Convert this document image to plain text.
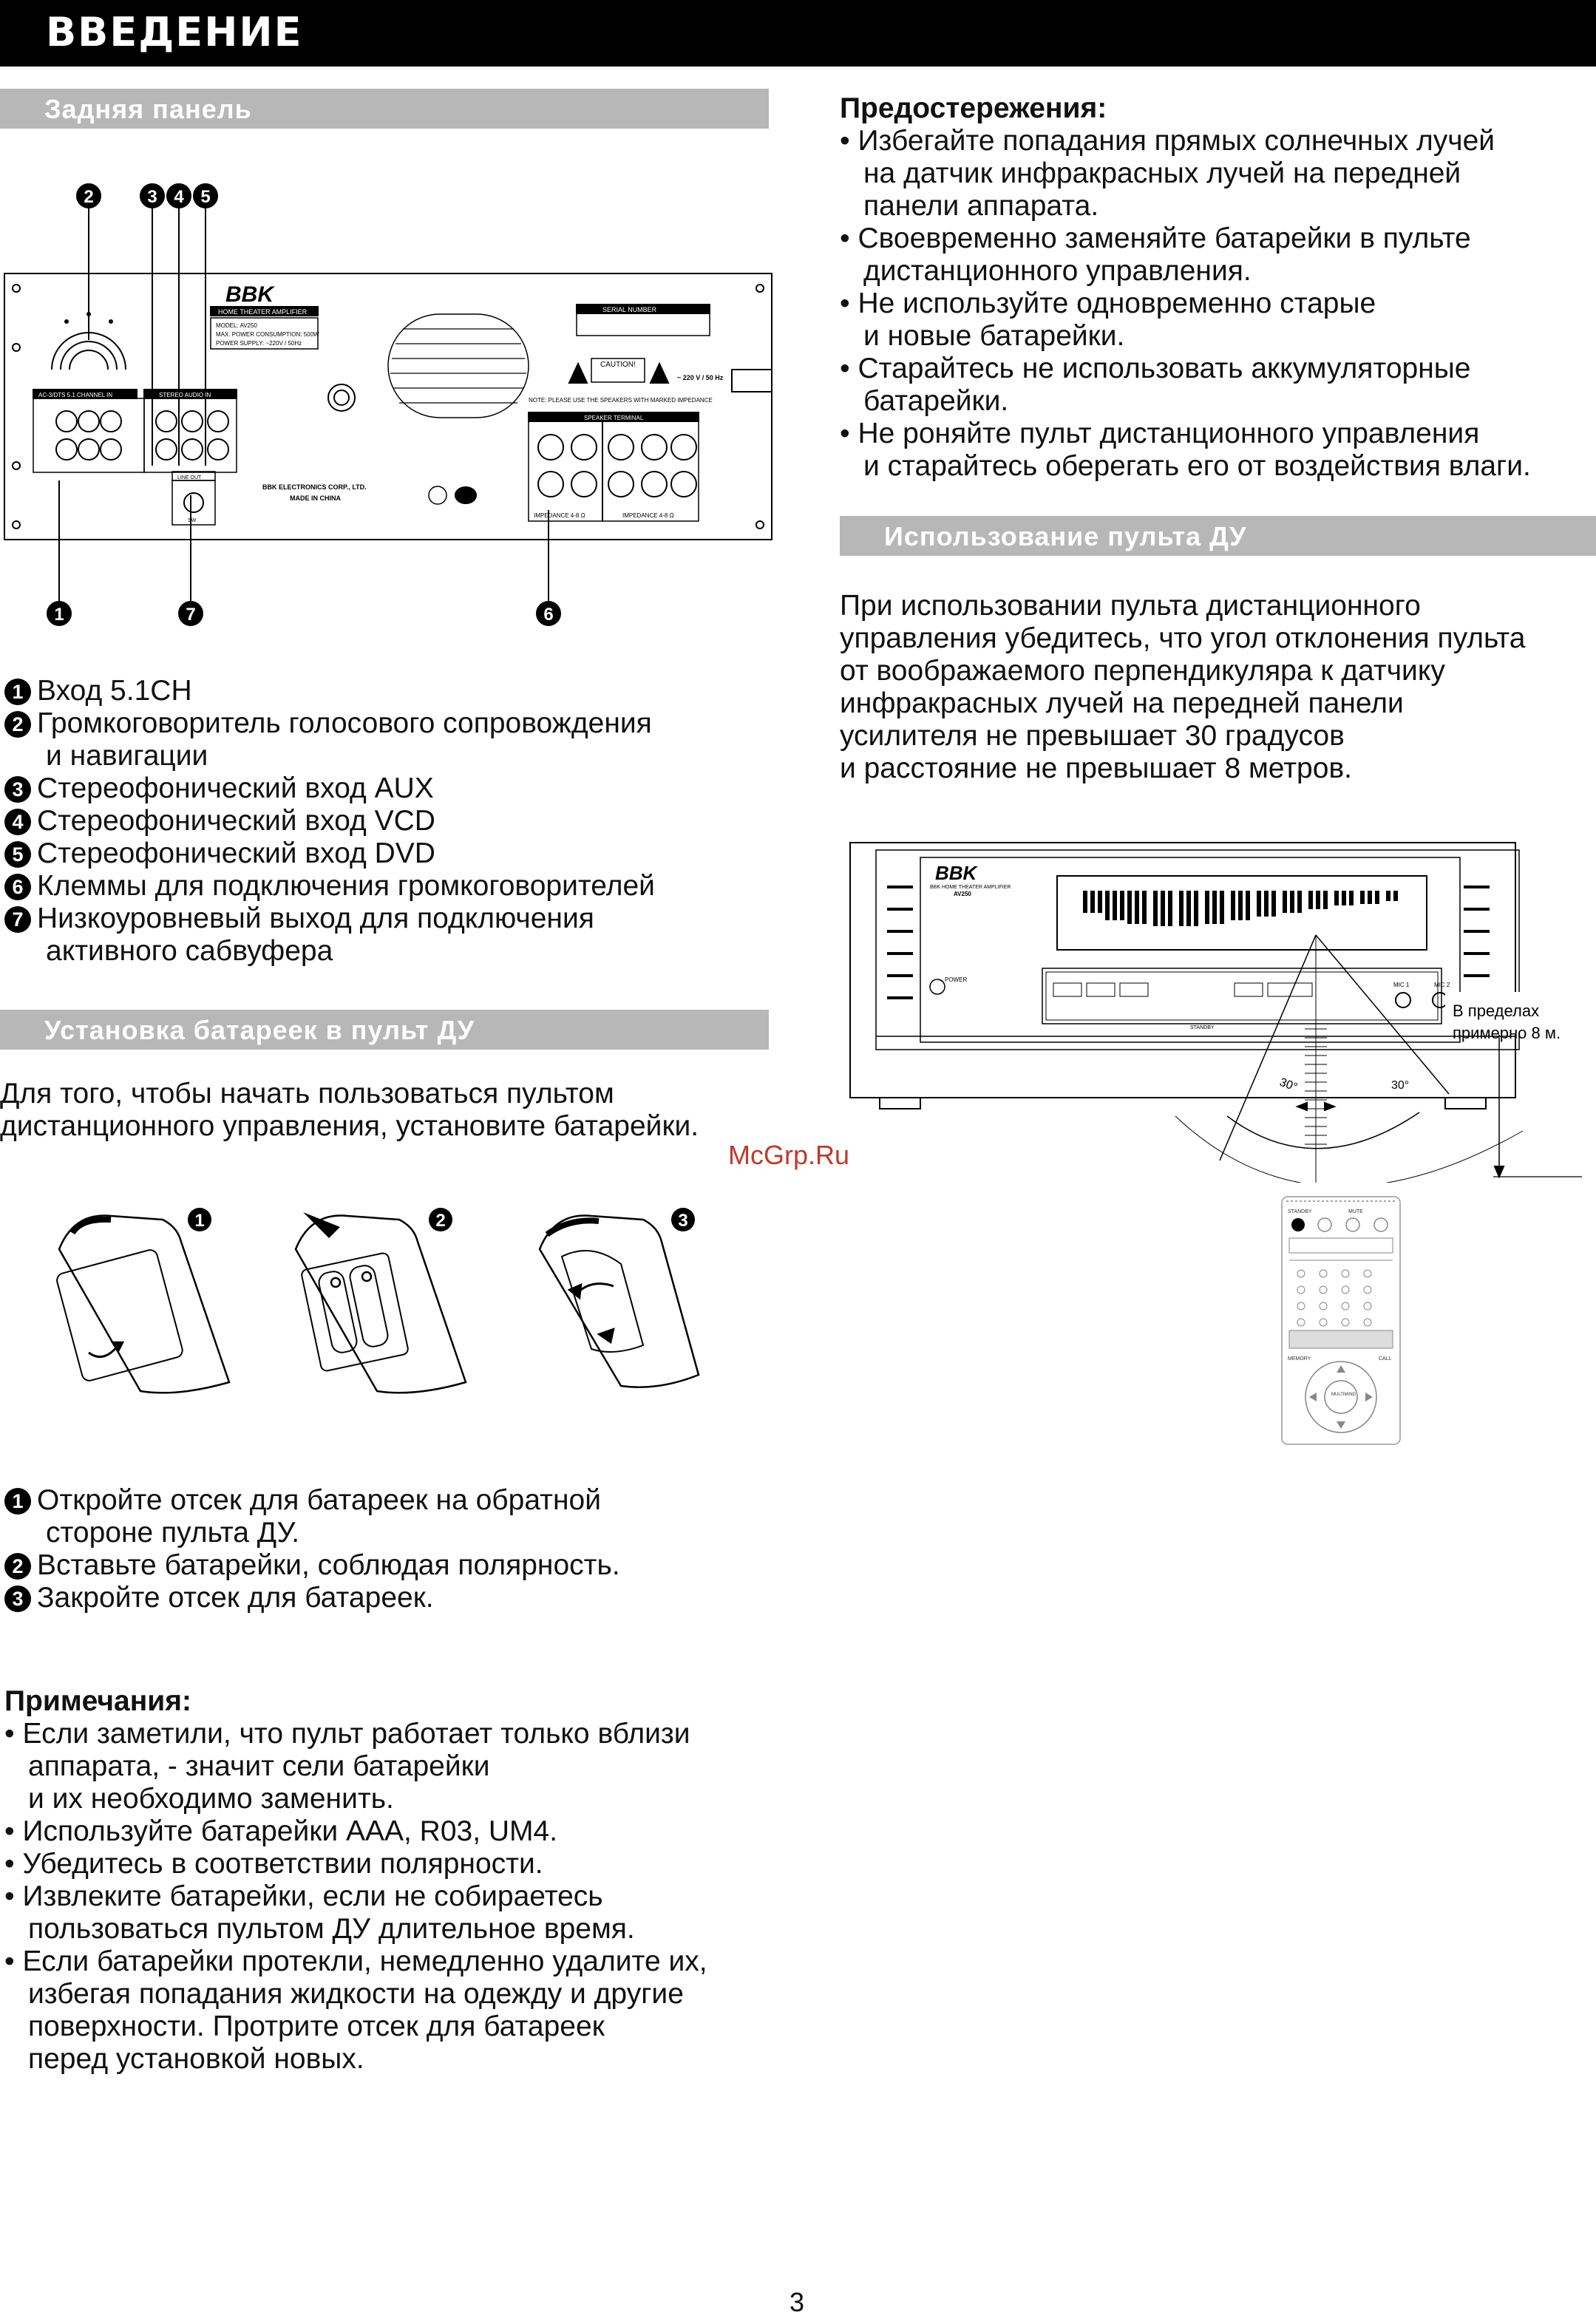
ВВЕДЕНИЕ
Задняя панель
2	3 4 5
1	7	6
BBK
HOME THEATER AMPLIFIER
MODEL: AV250
MAX. POWER CONSUMPTION: 500W
POWER SUPPLY: ~220V / 50Hz
SERIAL NUMBER
CAUTION!
~ 220 V / 50 Hz
NOTE: PLEASE USE THE SPEAKERS WITH MARKED IMPEDANCE
AC-3/DTS 5.1 CHANNEL IN	STEREO AUDIO IN
LINE OUT
SW
BBK ELECTRONICS CORP., LTD.
MADE IN CHINA
SPEAKER TERMINAL
IMPEDANCE 4-8 Ω	IMPEDANCE 4-8 Ω
1 Вход 5.1CH
2 Громкоговоритель голосового сопровождения
и навигации
3 Стереофонический вход AUX
4 Стереофонический вход VCD
5 Стереофонический вход DVD
6 Клеммы для подключения громкоговорителей
7 Низкоуровневый выход для подключения
активного сабвуфера
Установка батареек в пульт ДУ
Для того, чтобы начать пользоваться пультом
дистанционного управления, установите батарейки.
McGrp.Ru
1	2	3
1 Откройте отсек для батареек на обратной
стороне пульта ДУ.
2 Вставьте батарейки, соблюдая полярность.
3 Закройте отсек для батареек.
Примечания:
• Если заметили, что пульт работает только вблизи
аппарата, - значит сели батарейки
и их необходимо заменить.
• Используйте батарейки AAA, R03, UM4.
• Убедитесь в соответствии полярности.
• Извлеките батарейки, если не собираетесь
пользоваться пультом ДУ длительное время.
• Если батарейки протекли, немедленно удалите их,
избегая попадания жидкости на одежду и другие
поверхности. Протрите отсек для батареек
перед установкой новых.
Предостережения:
• Избегайте попадания прямых солнечных лучей
на датчик инфракрасных лучей на передней
панели аппарата.
• Своевременно заменяйте батарейки в пульте
дистанционного управления.
• Не используйте одновременно старые
и новые батарейки.
• Старайтесь не использовать аккумуляторные
батарейки.
• Не роняйте пульт дистанционного управления
и старайтесь оберегать его от воздействия влаги.
Использование пульта ДУ
При использовании пульта дистанционного
управления убедитесь, что угол отклонения пульта
от воображаемого перпендикуляра к датчику
инфракрасных лучей на передней панели
усилителя не превышает 30 градусов
и расстояние не превышает 8 метров.
BBK
BBK HOME THEATER AMPLIFIER
AV250
POWER
MIC 1	MIC 2
STANDBY
30°	30°
В пределах
примерно 8 м.
STANDBY	MUTE
MEMORY	CALL
MULTIMIND
3
